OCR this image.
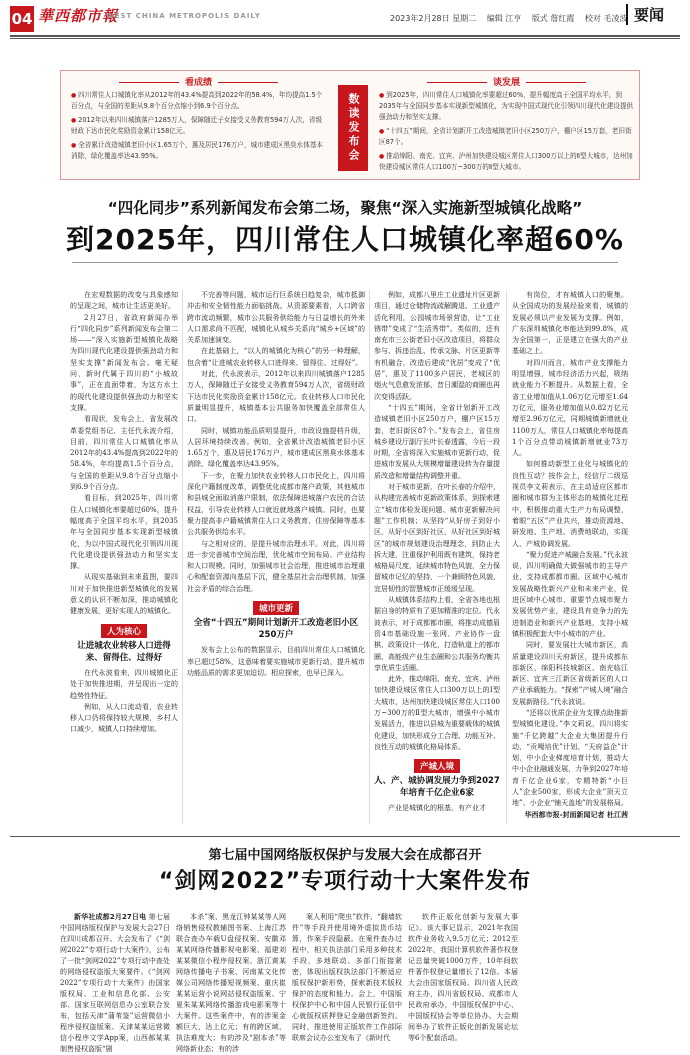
04 華西都市報
WEST CHINA METROPOLIS DAILY	2023年2月28日 星期二 编辑 江亨 版式 詹红霞 校对 毛凌波 要闻
看成绩
● 四川常住人口城镇化率从2012年的43.4%提高到2022年的58.4%，年均提高1.5个百分点，与全国的差距从9.8个百分点缩小到6.9个百分点。
● 2012年以来四川城镇落户1285万人，保障随迁子女接受义务教育594万人次，省级财政下达市民化奖励资金累计158亿元。
● 全省累计改造城镇老旧小区1.65万个，惠及居民176万户，城市建成区黑臭水体基本消除，绿化覆盖率达43.95%。	数读发布会
谈发展
● 到2025年，四川常住人口城镇化率要超过60%，提升幅度高于全国平均水平，到2035年与全国同步基本实现新型城镇化，为实现中国式现代化引领四川现代化建设提供强劲动力和坚实支撑。
● “十四五”期间，全省计划新开工改造城镇老旧小区250万户，棚户区15万套，老旧街区87个。
● 推动绵阳、南充、宜宾、泸州加快建设城区常住人口300万以上的Ⅱ型大城市，达州加快建设城区常住人口100万~300万的Ⅱ型大城市。
“四化同步”系列新闻发布会第二场，聚焦“深入实施新型城镇化战略”
到2025年，四川常住人口城镇化率超60%

在宏观数据的改变与具象感知的呈现之间，城市让生活更美好。

2月27日，省政府新闻办举行“四化同步”系列新闻发布会第二场——“深入实施新型城镇化战略 为四川现代化建设提供强劲动力和坚实支撑”新闻发布会。毫无疑问，新时代属于四川的“小城故事”，正在直面带着，为这方水土的现代化建设提供强劲动力和坚实支撑。

看现状，发布会上，省发展改革委党组书记、主任代永波介绍，目前，四川常住人口城镇化率从2012年的43.4%提高到2022年的58.4%，年均提高1.5个百分点，与全国的差距从9.8个百分点缩小到6.9个百分点。

看目标，到2025年，四川常住人口城镇化率要超过60%，提升幅度高于全国平均水平，到2035年与全国同步基本实现新型城镇化，为以中国式现代化引领四川现代化建设提供强劲动力和坚实支撑。

从现实基础到未来蓝图，要四川对于加快推进新型城镇化的发展意义的认识不断加深，推动城镇化健康发展，更好实现人的城镇化。

人为核心
让进城农业转移人口进得来、留得住、过得好

在代永波看来，四川城镇化正处于加快推进期，并呈现出一定的趋势性特征。

例如，从人口流动看，农业转移人口仍将保持较大规模，乡村人口减少，城镇人口持续增加。

不完善等问题，城市运行巨系统日趋复杂，城市抵御冲击和安全韧性能力面临挑战。从资源要素看，人口跨省跨市流动频繁，城市公共服务供给能力与日益增长的外来人口需求尚不匹配，城镇化从城乡关系向“城乡+区域”的关系加速演变。

在此基础上，“以人的城镇化为核心”的另一种理解，包含着“让进城农业转移人口进得来、留得住、过得好”。

对此，代永波表示，2012年以来四川城镇落户1285万人，保障随迁子女接受义务教育594万人次，省级财政下达市民化奖励资金累计158亿元。农业转移人口市民化质量明显提升，城镇基本公共服务加快覆盖全部常住人口。

同时，城镇功能品质明显提升，市政设施提档升级，人居环境持续改善。例如，全省累计改造城镇老旧小区1.65万个，惠及居民176万户，城市建成区黑臭水体基本消除，绿化覆盖率达43.95%。

下一步，在聚力加快农业转移人口市民化上，四川将深化户籍制度改革，调整优化成都市落户政策，其他城市和县城全面取消落户限制，依法保障进城落户农民的合法权益，引导农业转移人口就近就地落户城镇。同时，也要聚力提高非户籍城镇常住人口义务教育、住房保障等基本公共服务供给水平。

与之相对应的，是提升城市治理水平。对此，四川将进一步完善城市空间治理，优化城市空间布局、产业结构和人口规模。同时，加强城市社会治理，推进城市治理重心和配套资源向基层下沉，健全基层社会治理机制，加强社会矛盾的综合治理。

城市更新
全省“十四五”期间计划新开工改造老旧小区250万户

发布会上公布的数据显示，目前四川常住人口城镇化率已超过58%，这意味着要实施城市更新行动，提升城市功能品质的需求更加迫切。相应探索，也早已深入。

例如，成都八里庄工业遗址片区更新项目，通过仓储物流疏解腾退、工业遗产活化利用，公园城市场景营造，让“工业锈带”变成了“生活秀带”。类似的，还有南充市三公街老旧小区改造项目，将群众参与、拆违治乱、传承文脉、片区更新等有机融合，改造后建成“优居”变成了“优居”，惠及了1100多户居民，老城区的烟火气息愈发浓郁，昔日潮湿的商圈也再次变得活跃。

“十四五”期间，全省计划新开工改造城镇老旧小区250万户，棚户区15万套，老旧街区87个。”发布会上，省住房城乡建设厅副厅长叶长春透露，今后一段时期，全省将深入实施城市更新行动，促进城市发展从大规模增量建设转为存量提质改造和增量结构调整并重。

对于城市更新，在叶长春的介绍中，从构建完善城市更新政策体系，到探索建立“城市体检发现问题、城市更新解决问题”工作机制；从坚持“从好房子到好小区，从好小区到好社区，从好社区到好城区”的城市规划建设治理理念，到防止大拆大建，注重保护利用既有建筑，保持老城格局尺度，延续城市特色风貌，全力保留城市记忆的坚持，一个兼顾特色风貌、宜居韧性的智慧城市正缓缓呈现。

从城镇体系结构上看，全省各地也根据自身的特质有了更加精准的定位。代永波表示，对于成都都市圈，将推动成德眉资4市基础设施一张网、产业协作一盘棋、政策设计一体化，打造轨道上的都市圈、高能级产业生态圈和公共服务均衡共享优质生活圈。

此外，推动绵阳、南充、宜宾、泸州加快建设城区常住人口300万以上的Ⅰ型大城市，达州加快建设城区常住人口100万~300万的Ⅱ型大城市，增强中小城市发展活力，推进以县城为重要载体的城镇化建设，加快形成分工合理、功能互补、良性互动的城镇化格局体系。

产城人境
人、产、城协调发展力争到2027年培育千亿企业6家

产业是城镇化的根基，有产业才

有岗位，才有城镇人口的聚集。从全国成功的发展经验来看，城镇的发展必须以产业发展为支撑。例如，广东深圳城镇化率能达到99.8%，成为全国第一，正是建立在强大的产业基础之上。

对四川而言，城市产业支撑能力明显增强，城市经济活力兴起，吸纳就业能力不断提升。从数据上看，全省工业增加值从1.06万亿元增至1.64万亿元，服务业增加值从0.82万亿元增至2.96万亿元，同期城镇新增就业1100万人，常住人口城镇化率每提高1个百分点带动城镇新增就业73万人。

如何推动新型工业化与城镇化的良性互动？按作会上，经信厅二级巡视员李文莉表示，在主动适应区都市圈和城市群为主体形态的城镇化过程中，积极推动重大生产力布局调整，着眼“五区”产业共兴，推动资源地、研发地、生产地、消费地联动，实现人、产城协调发展。

“聚力促进产城融合发展。”代永波说，四川明确做大做强城市的主导产业，支持成都都市圈、区域中心城市发展战略性新兴产业和未来产业，促进区域中心城市、重要节点城市聚力发展优势产业，建设具有竞争力的先进制造业和新兴产业基地，支持小城镇积极配套大中小城市的产业。

同时，要发展壮大城市新区，高质量建设四川天府新区，提升成都东部新区、绵阳科技城新区、南充临江新区、宜宾三江新区省级新区的人口产业承载能力。“探索”产城人境”融合发展新路径。”代永波说。

“还将以优质企业为支撑点助推新型城镇化建设。”李文莉说，四川将实施“千亿跨越”大企业大集团提升行动、“贡嘎培优”计划、“天府益企”计划，中小企业梯度培育计划，推动大中小企业融通发展，力争到2027年培育千亿企业6家，专精特新“小巨人”企业500家，形成大企业”顶天立地”、小企业“铺天盖地”的发展格局。

华西都市报-封面新闻记者 杜江茜

第七届中国网络版权保护与发展大会在成都召开
“剑网2022”专项行动十大案件发布

新华社成都2月27日电 第七届中国网络版权保护与发展大会27日在四川成都召开。大会发布了《“剑网2022”专项行动十大案件》，公布了一批“剑网2022”专项行动中查处的网络侵权盗版大案要件。《“剑网2022”专项行动十大案件》由国家版权局、工业和信息化部、公安部、国家互联网信息办公室联合发布，包括天津“蒲苇鉴”运营微信小程序侵权盗版案、天津某某运营微信小程序文学App案，山西郝某某制售侵权盗版“剧

本杀”案、黑龙江钟某某等人网络销售侵权教辅图书案、上海江苏联合查办车载U盘侵权案、安徽邓某某网络传播影视电影案、福建刘某某微信小程序侵权案、浙江黄某网络传播电子书案、河南某文化传媒公司网络传播短视频案、重庆崔某某运营小说网站侵权盗版案、宁夏朱某某网络传播游戏电影案等十大案件。这些案件中，有的涉案金额巨大，达上亿元；有的跨区域，执法难度大；有的涉及“剧本杀”等网络新业态；有的涉

案人利用“爬虫”软件、“翻墙软件”等手段并使用境外虚拟货币结算，作案手段隐蔽。在案件查办过程中，相关执法部门采用多种技术手段，多地联动、多部门衔接紧密，体现出版权执法部门不断适应版权保护新形势，探索新技术版权保护的态度和能力。会上，中国版权保护中心和中国人民银行征信中心就版权质押登记金融创新签约。同时，推进使用正版软件工作部际联席会议办公室发布了《新时代

软件正版化创新与发展大事记》。该大事记显示，2021年我国软件业务收入9.5万亿元；2012至2022年，我国计算机软件著作权登记总量突破1000万件，10年间软件著作权登记量增长了12倍。本届大会由国家版权局、四川省人民政府主办，四川省版权局、成都市人民政府承办，中国版权保护中心、中国版权协会等单位协办。大会期间举办了软件正版化创新发展论坛等6个配套活动。
